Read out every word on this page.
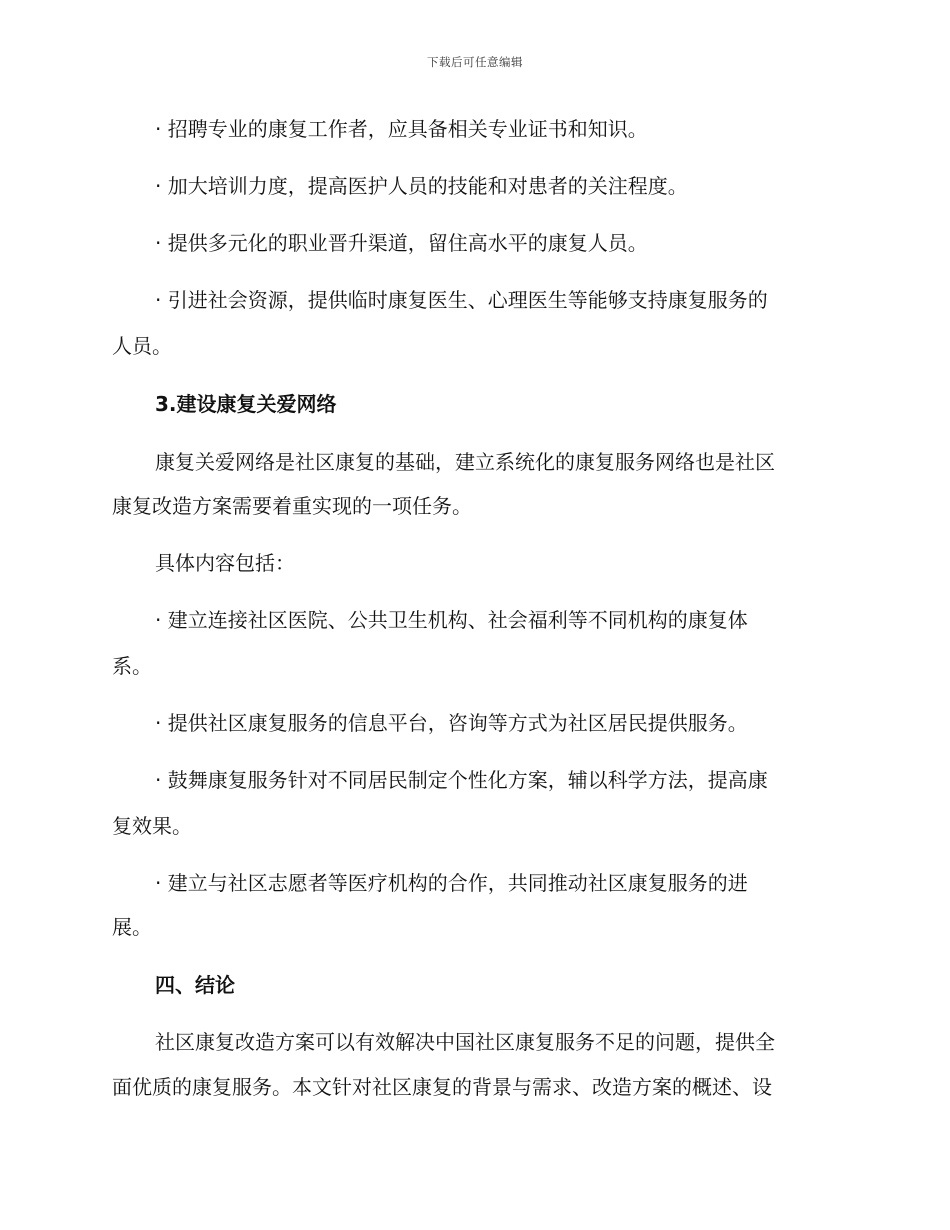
下载后可任意编辑
· 招聘专业的康复工作者，应具备相关专业证书和知识。
· 加大培训力度，提高医护人员的技能和对患者的关注程度。
· 提供多元化的职业晋升渠道，留住高水平的康复人员。
· 引进社会资源，提供临时康复医生、心理医生等能够支持康复服务的
人员。
3.建设康复关爱网络
康复关爱网络是社区康复的基础，建立系统化的康复服务网络也是社区
康复改造方案需要着重实现的一项任务。
具体内容包括：
· 建立连接社区医院、公共卫生机构、社会福利等不同机构的康复体
系。
· 提供社区康复服务的信息平台，咨询等方式为社区居民提供服务。
· 鼓舞康复服务针对不同居民制定个性化方案，辅以科学方法，提高康
复效果。
· 建立与社区志愿者等医疗机构的合作，共同推动社区康复服务的进
展。
四、结论
社区康复改造方案可以有效解决中国社区康复服务不足的问题，提供全
面优质的康复服务。本文针对社区康复的背景与需求、改造方案的概述、设
